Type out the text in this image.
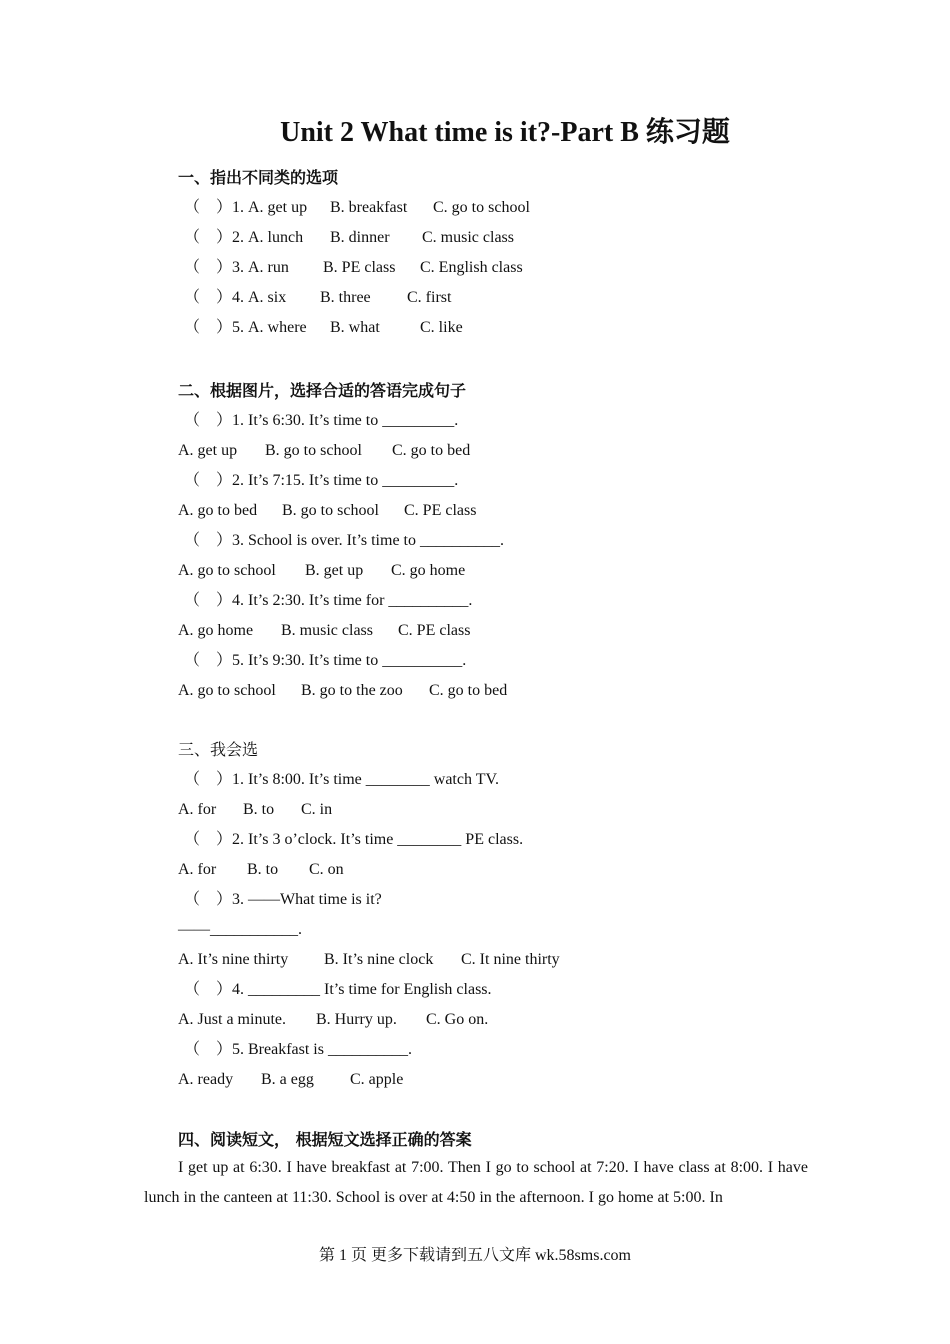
Unit 2 What time is it?-Part B 练习题
一、指出不同类的选项
（　）1. A. get up B. breakfast C. go to school
（　）2. A. lunch B. dinner C. music class
（　）3. A. run B. PE class C. English class
（　）4. A. six B. three C. first
（　）5. A. where B. what	C. like
二、根据图片，选择合适的答语完成句子
（　）1. It’s 6:30. It’s time to _________.
A. get up B. go to school C. go to bed
（　）2. It’s 7:15. It’s time to _________.
A. go to bed B. go to school C. PE class
（　）3. School is over. It’s time to __________.
A. go to school B. get up C. go home
（　）4. It’s 2:30. It’s time for __________.
A. go home B. music class C. PE class
（　）5. It’s 9:30. It’s time to __________.
A. go to school B. go to the zoo C. go to bed
三、我会选
（　）1. It’s 8:00. It’s time ________ watch TV.
A. for B. to C. in
（　）2. It’s 3 o’clock. It’s time ________ PE class.
A. for B. to C. on
（　）3. ——What time is it?
——___________.
A. It’s nine thirty B. It’s nine clock C. It nine thirty
（　）4. _________ It’s time for English class.
A. Just a minute. B. Hurry up. C. Go on.
（　）5. Breakfast is __________.
A. ready B. a egg C. apple
四、阅读短文， 根据短文选择正确的答案
I get up at 6:30. I have breakfast at 7:00. Then I go to school at 7:20. I have class at 8:00. I have lunch in the canteen at 11:30. School is over at 4:50 in the afternoon. I go home at 5:00. In
第 1 页 更多下载请到五八文库 wk.58sms.com
